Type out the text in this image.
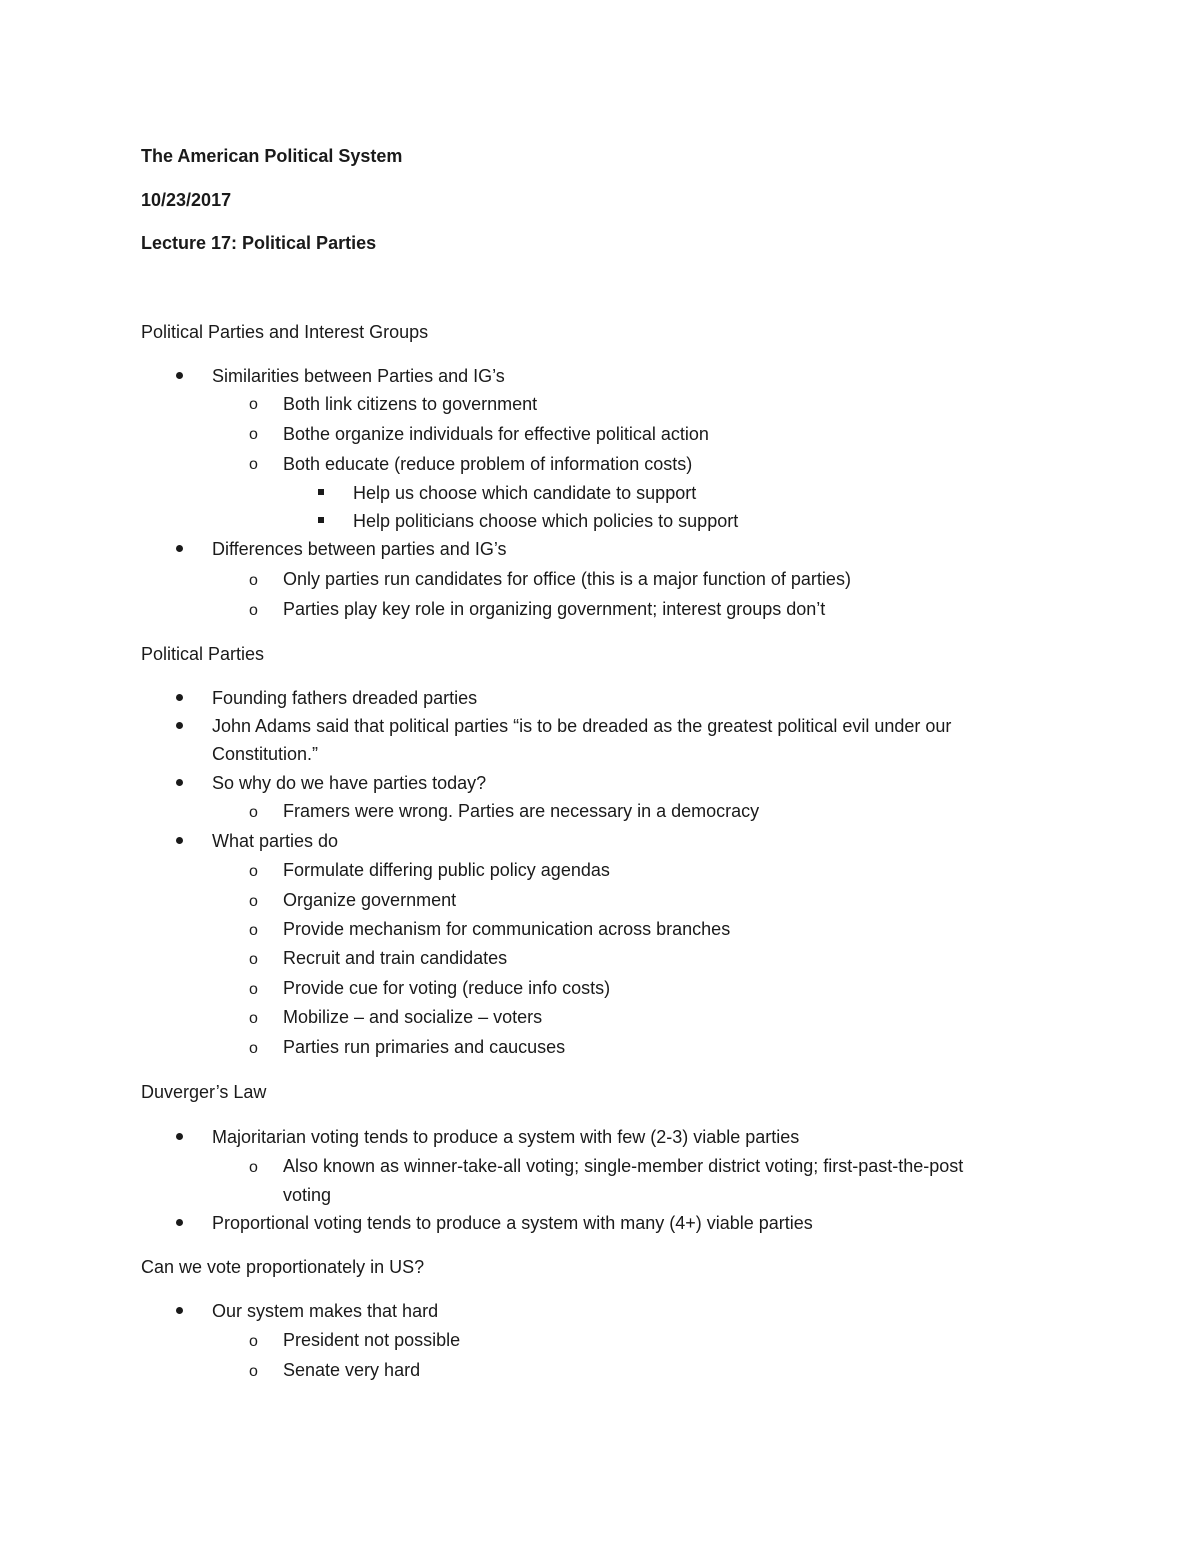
The American Political System
10/23/2017
Lecture 17: Political Parties
Political Parties and Interest Groups
Similarities between Parties and IG’s
o Both link citizens to government
o Bothe organize individuals for effective political action
o Both educate (reduce problem of information costs)
Help us choose which candidate to support
Help politicians choose which policies to support
Differences between parties and IG’s
o Only parties run candidates for office (this is a major function of parties)
o Parties play key role in organizing government; interest groups don’t
Political Parties
Founding fathers dreaded parties
John Adams said that political parties “is to be dreaded as the greatest political evil under our
Constitution.”
So why do we have parties today?
o Framers were wrong. Parties are necessary in a democracy
What parties do
o Formulate differing public policy agendas
o Organize government
o Provide mechanism for communication across branches
o Recruit and train candidates
o Provide cue for voting (reduce info costs)
o Mobilize – and socialize – voters
o Parties run primaries and caucuses
Duverger’s Law
Majoritarian voting tends to produce a system with few (2-3) viable parties
o Also known as winner-take-all voting; single-member district voting; first-past-the-post
voting
Proportional voting tends to produce a system with many (4+) viable parties
Can we vote proportionately in US?
Our system makes that hard
o President not possible
o Senate very hard
